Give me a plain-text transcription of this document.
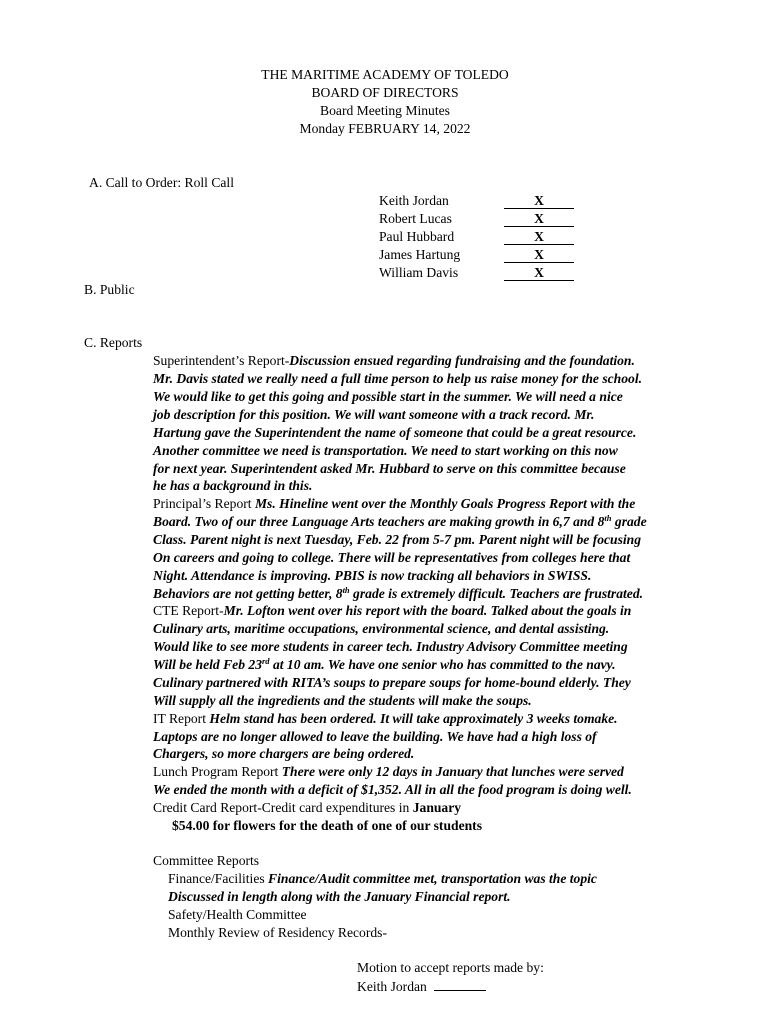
THE MARITIME ACADEMY OF TOLEDO
BOARD OF DIRECTORS
Board Meeting Minutes
Monday FEBRUARY 14, 2022
A. Call to Order: Roll Call
Keith Jordan	X
Robert Lucas	X
Paul Hubbard	X
James Hartung	X
William Davis	X
B. Public
C. Reports
Superintendent’s Report-Discussion ensued regarding fundraising and the foundation.
Mr. Davis stated we really need a full time person to help us raise money for the school.
We would like to get this going and possible start in the summer. We will need a nice
job description for this position. We will want someone with a track record. Mr.
Hartung gave the Superintendent the name of someone that could be a great resource.
Another committee we need is transportation. We need to start working on this now
for next year. Superintendent asked Mr. Hubbard to serve on this committee because
he has a background in this.
Principal’s Report Ms. Hineline went over the Monthly Goals Progress Report with the
Board. Two of our three Language Arts teachers are making growth in 6,7 and 8th grade
Class. Parent night is next Tuesday, Feb. 22 from 5-7 pm. Parent night will be focusing
On careers and going to college. There will be representatives from colleges here that
Night. Attendance is improving. PBIS is now tracking all behaviors in SWISS.
Behaviors are not getting better, 8th grade is extremely difficult. Teachers are frustrated.
CTE Report-Mr. Lofton went over his report with the board. Talked about the goals in
Culinary arts, maritime occupations, environmental science, and dental assisting.
Would like to see more students in career tech. Industry Advisory Committee meeting
Will be held Feb 23rd at 10 am. We have one senior who has committed to the navy.
Culinary partnered with RITA’s soups to prepare soups for home-bound elderly. They
Will supply all the ingredients and the students will make the soups.
IT Report Helm stand has been ordered. It will take approximately 3 weeks tomake.
Laptops are no longer allowed to leave the building. We have had a high loss of
Chargers, so more chargers are being ordered.
Lunch Program Report There were only 12 days in January that lunches were served
We ended the month with a deficit of $1,352. All in all the food program is doing well.
Credit Card Report-Credit card expenditures in January
$54.00 for flowers for the death of one of our students
Committee Reports
Finance/Facilities Finance/Audit committee met, transportation was the topic
Discussed in length along with the January Financial report.
Safety/Health Committee
Monthly Review of Residency Records-
Motion to accept reports made by:
Keith Jordan
